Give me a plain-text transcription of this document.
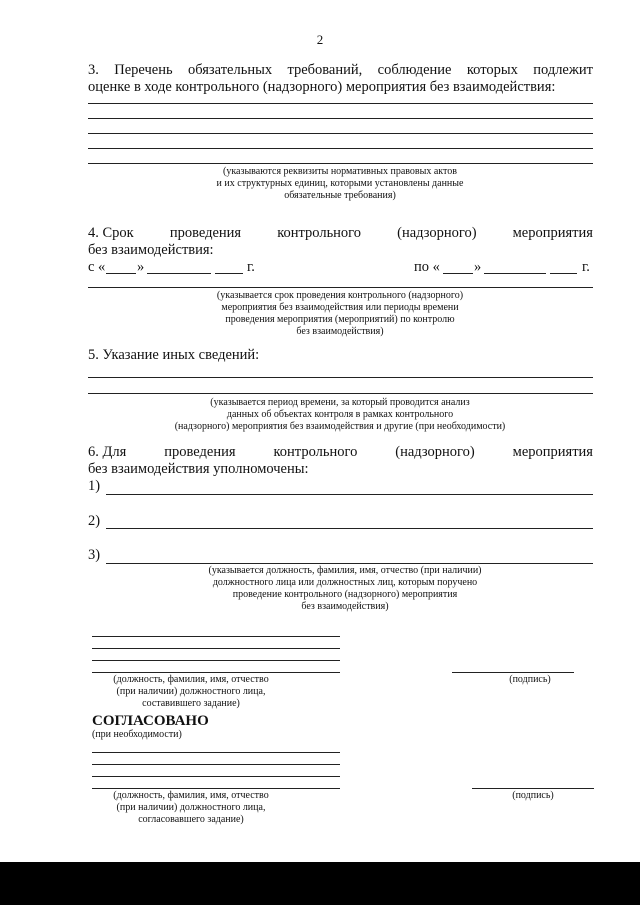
2
3. Перечень обязательных требований, соблюдение которых подлежит
оценке в ходе контрольного (надзорного) мероприятия без взаимодействия:
(указываются реквизиты нормативных правовых актов
и их структурных единиц, которыми установлены данные
обязательные требования)
4. Срок проведения контрольного (надзорного) мероприятия
без взаимодействия:
с « »	г.	по « »	г.
(указывается срок проведения контрольного (надзорного)
мероприятия без взаимодействия или периоды времени
проведения мероприятия (мероприятий) по контролю
без взаимодействия)
5. Указание иных сведений:
(указывается период времени, за который проводится анализ
данных об объектах контроля в рамках контрольного
(надзорного) мероприятия без взаимодействия и другие (при необходимости)
6. Для	проведения	контрольного	(надзорного)	мероприятия
без взаимодействия уполномочены:
1)
2)
3)
(указывается должность, фамилия, имя, отчество (при наличии)
должностного лица или должностных лиц, которым поручено
проведение контрольного (надзорного) мероприятия
без взаимодействия)
(должность, фамилия, имя, отчество
(при наличии) должностного лица,
составившего задание)
(подпись)
СОГЛАСОВАНО
(при необходимости)
(должность, фамилия, имя, отчество
(при наличии) должностного лица,
согласовавшего задание)
(подпись)
